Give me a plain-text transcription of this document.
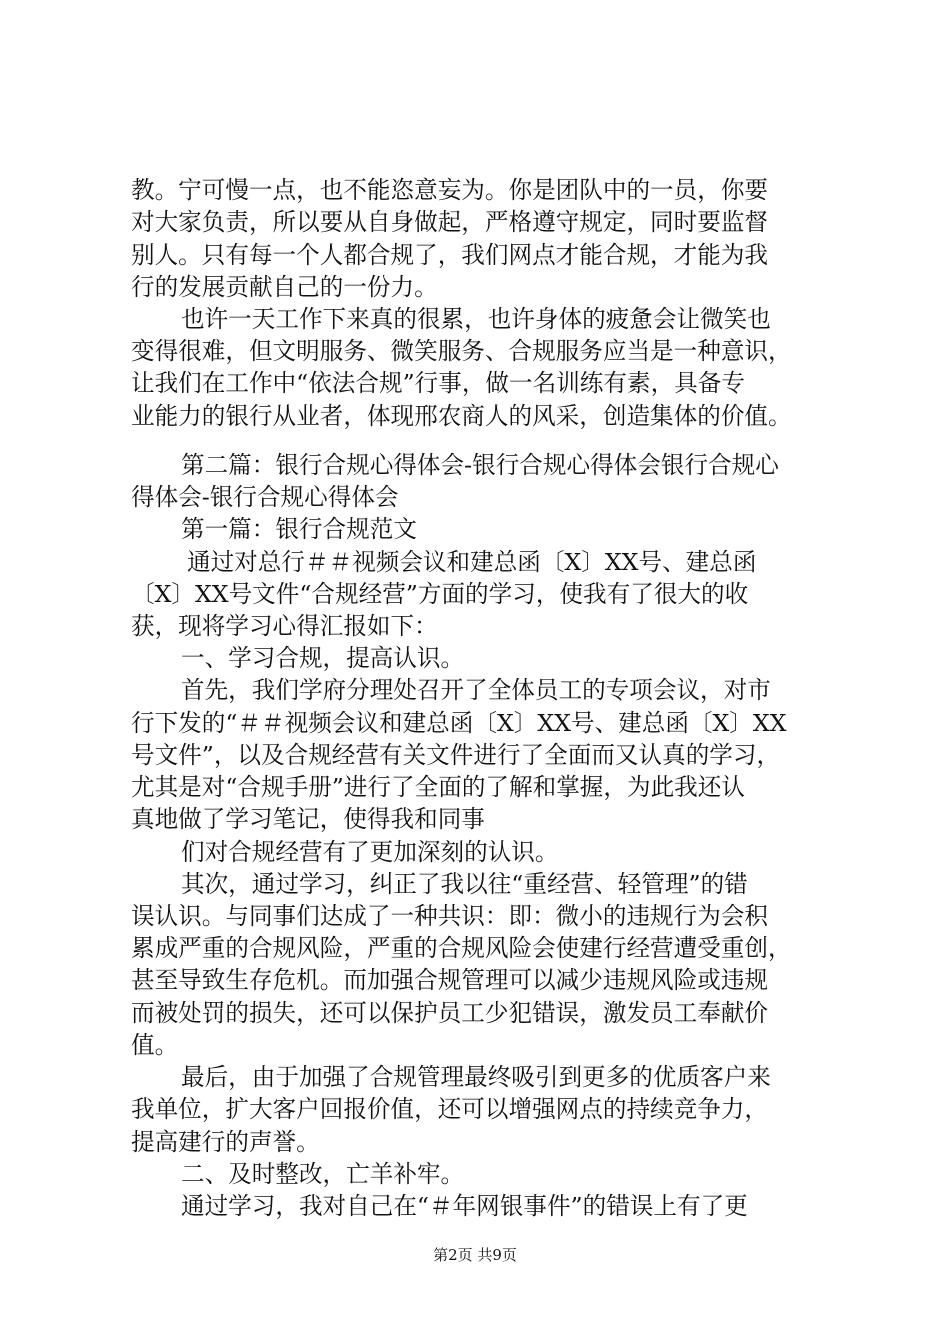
教。宁可慢一点，也不能恣意妄为。你是团队中的一员，你要

对大家负责，所以要从自身做起，严格遵守规定，同时要监督

别人。只有每一个人都合规了，我们网点才能合规，才能为我

行的发展贡献自己的一份力。

也许一天工作下来真的很累，也许身体的疲惫会让微笑也

变得很难，但文明服务、微笑服务、合规服务应当是一种意识，

让我们在工作中“依法合规”行事，做一名训练有素，具备专

业能力的银行从业者，体现邢农商人的风采，创造集体的价值。

第二篇：银行合规心得体会-银行合规心得体会银行合规心

得体会-银行合规心得体会

第一篇：银行合规范文

通过对总行＃＃视频会议和建总函〔X〕XX号、建总函

〔X〕XX号文件“合规经营”方面的学习，使我有了很大的收

获，现将学习心得汇报如下：

一、学习合规，提高认识。

首先，我们学府分理处召开了全体员工的专项会议，对市

行下发的“＃＃视频会议和建总函〔X〕XX号、建总函〔X〕XX

号文件”，以及合规经营有关文件进行了全面而又认真的学习，

尤其是对“合规手册”进行了全面的了解和掌握，为此我还认

真地做了学习笔记，使得我和同事

们对合规经营有了更加深刻的认识。

其次，通过学习，纠正了我以往“重经营、轻管理”的错

误认识。与同事们达成了一种共识：即：微小的违规行为会积

累成严重的合规风险，严重的合规风险会使建行经营遭受重创，

甚至导致生存危机。而加强合规管理可以减少违规风险或违规

而被处罚的损失，还可以保护员工少犯错误，激发员工奉献价

值。

最后，由于加强了合规管理最终吸引到更多的优质客户来

我单位，扩大客户回报价值，还可以增强网点的持续竞争力，

提高建行的声誉。

二、及时整改，亡羊补牢。

通过学习，我对自己在“＃年网银事件”的错误上有了更

第2页 共9页
